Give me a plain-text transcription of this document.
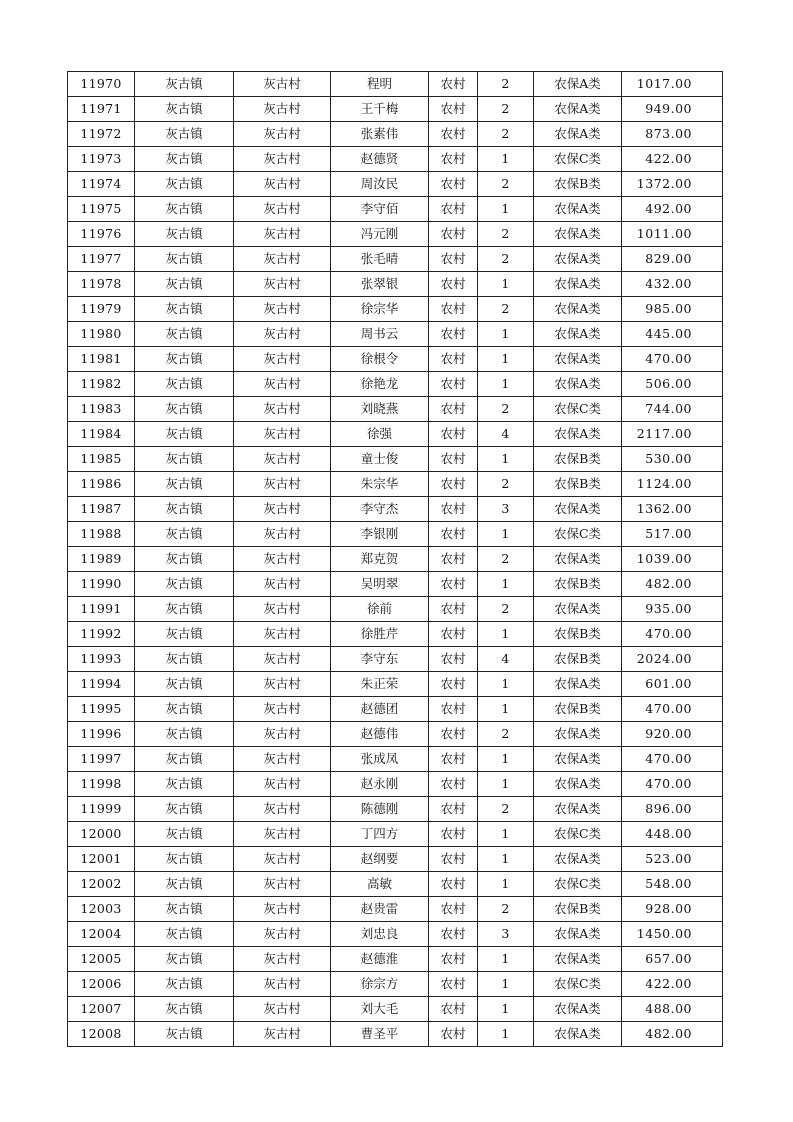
11970	灰古镇	灰古村	程明	农村	2	农保A类	1017.00
11971	灰古镇	灰古村	王千梅	农村	2	农保A类	949.00
11972	灰古镇	灰古村	张素伟	农村	2	农保A类	873.00
11973	灰古镇	灰古村	赵德贤	农村	1	农保C类	422.00
11974	灰古镇	灰古村	周汝民	农村	2	农保B类	1372.00
11975	灰古镇	灰古村	李守佰	农村	1	农保A类	492.00
11976	灰古镇	灰古村	冯元刚	农村	2	农保A类	1011.00
11977	灰古镇	灰古村	张毛晴	农村	2	农保A类	829.00
11978	灰古镇	灰古村	张翠银	农村	1	农保A类	432.00
11979	灰古镇	灰古村	徐宗华	农村	2	农保A类	985.00
11980	灰古镇	灰古村	周书云	农村	1	农保A类	445.00
11981	灰古镇	灰古村	徐根令	农村	1	农保A类	470.00
11982	灰古镇	灰古村	徐艳龙	农村	1	农保A类	506.00
11983	灰古镇	灰古村	刘晓燕	农村	2	农保C类	744.00
11984	灰古镇	灰古村	徐强	农村	4	农保A类	2117.00
11985	灰古镇	灰古村	童士俊	农村	1	农保B类	530.00
11986	灰古镇	灰古村	朱宗华	农村	2	农保B类	1124.00
11987	灰古镇	灰古村	李守杰	农村	3	农保A类	1362.00
11988	灰古镇	灰古村	李银刚	农村	1	农保C类	517.00
11989	灰古镇	灰古村	郑克贺	农村	2	农保A类	1039.00
11990	灰古镇	灰古村	吴明翠	农村	1	农保B类	482.00
11991	灰古镇	灰古村	徐前	农村	2	农保A类	935.00
11992	灰古镇	灰古村	徐胜芹	农村	1	农保B类	470.00
11993	灰古镇	灰古村	李守东	农村	4	农保B类	2024.00
11994	灰古镇	灰古村	朱正荣	农村	1	农保A类	601.00
11995	灰古镇	灰古村	赵德团	农村	1	农保B类	470.00
11996	灰古镇	灰古村	赵德伟	农村	2	农保A类	920.00
11997	灰古镇	灰古村	张成凤	农村	1	农保A类	470.00
11998	灰古镇	灰古村	赵永刚	农村	1	农保A类	470.00
11999	灰古镇	灰古村	陈德刚	农村	2	农保A类	896.00
12000	灰古镇	灰古村	丁四方	农村	1	农保C类	448.00
12001	灰古镇	灰古村	赵纲要	农村	1	农保A类	523.00
12002	灰古镇	灰古村	高敏	农村	1	农保C类	548.00
12003	灰古镇	灰古村	赵贵雷	农村	2	农保B类	928.00
12004	灰古镇	灰古村	刘忠良	农村	3	农保A类	1450.00
12005	灰古镇	灰古村	赵德淮	农村	1	农保A类	657.00
12006	灰古镇	灰古村	徐宗方	农村	1	农保C类	422.00
12007	灰古镇	灰古村	刘大毛	农村	1	农保A类	488.00
12008	灰古镇	灰古村	曹圣平	农村	1	农保A类	482.00
